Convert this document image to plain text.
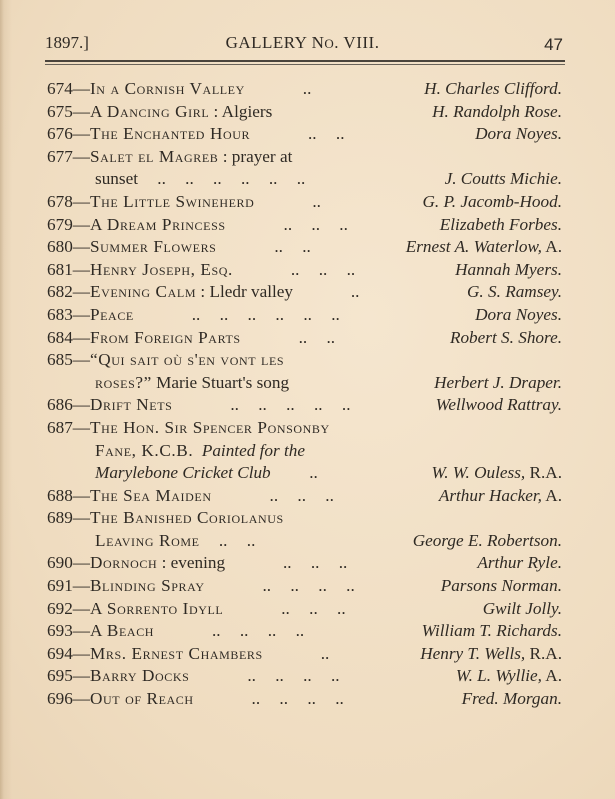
1897.]	GALLERY NO. VIII.	47
674—In a Cornish Valley   ..	H. Charles Clifford.
675—A Dancing Girl : Algiers	H. Randolph Rose.
676—The Enchanted Hour   .. ..	Dora Noyes.
677—Salet el Magreb : prayer at
sunset .. .. .. .. .. ..	J. Coutts Michie.
678—The Little Swineherd   ..	G. P. Jacomb-Hood.
679—A Dream Princess   .. .. ..	Elizabeth Forbes.
680—Summer Flowers   .. ..	Ernest A. Waterlow, A.
681—Henry Joseph, Esq.   .. .. ..	Hannah Myers.
682—Evening Calm : Lledr valley   ..	G. S. Ramsey.
683—Peace   .. .. .. .. .. ..	Dora Noyes.
684—From Foreign Parts   .. ..	Robert S. Shore.
685—“Qui sait où s'en vont les
roses?” Marie Stuart's song	Herbert J. Draper.
686—Drift Nets   .. .. .. .. ..	Wellwood Rattray.
687—The Hon. Sir Spencer Ponsonby
Fane, K.C.B.  Painted for the
Marylebone Cricket Club  ..	W. W. Ouless, R.A.
688—The Sea Maiden   .. .. ..	Arthur Hacker, A.
689—The Banished Coriolanus
Leaving Rome .. ..	George E. Robertson.
690—Dornoch : evening   .. .. ..	Arthur Ryle.
691—Blinding Spray   .. .. .. ..	Parsons Norman.
692—A Sorrento Idyll   .. .. ..	Gwilt Jolly.
693—A Beach   .. .. .. ..	William T. Richards.
694—Mrs. Ernest Chambers   ..	Henry T. Wells, R.A.
695—Barry Docks   .. .. .. ..	W. L. Wyllie, A.
696—Out of Reach   .. .. .. ..	Fred. Morgan.
